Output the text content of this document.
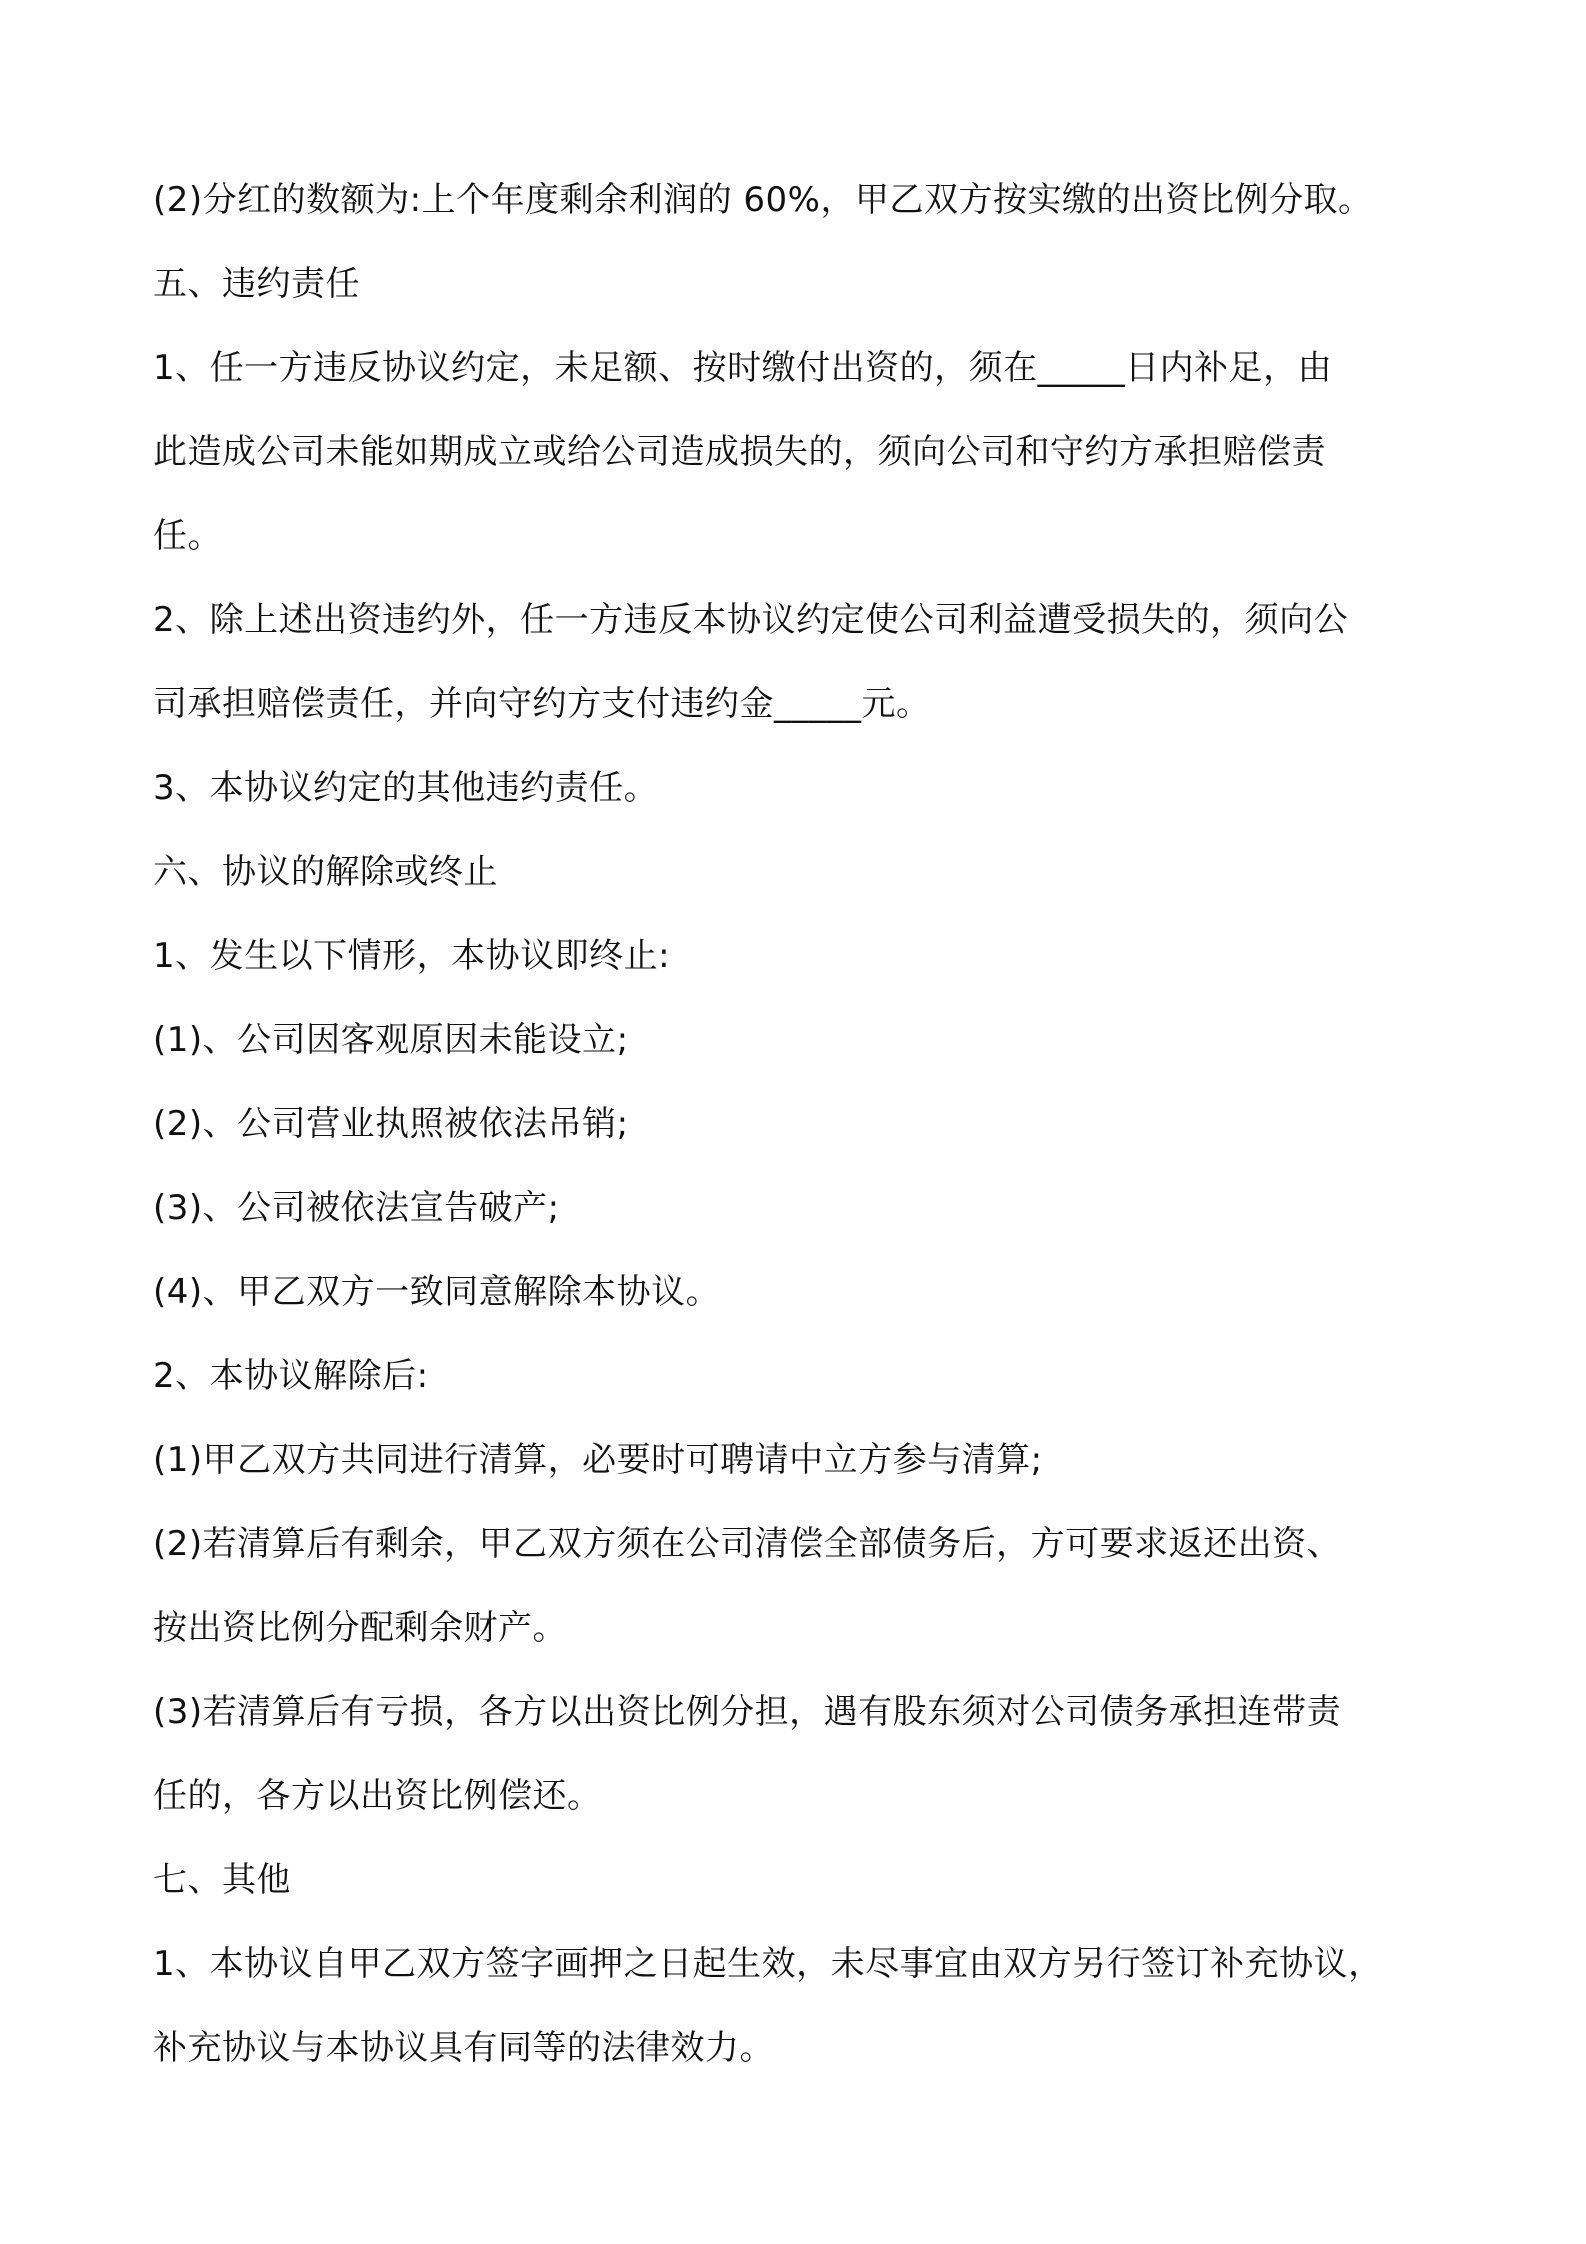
(2)分红的数额为:上个年度剩余利润的 60%，甲乙双方按实缴的出资比例分取。
五、违约责任
1、任一方违反协议约定，未足额、按时缴付出资的，须在_____日内补足，由
此造成公司未能如期成立或给公司造成损失的，须向公司和守约方承担赔偿责
任。
2、除上述出资违约外，任一方违反本协议约定使公司利益遭受损失的，须向公
司承担赔偿责任，并向守约方支付违约金_____元。
3、本协议约定的其他违约责任。
六、协议的解除或终止
1、发生以下情形，本协议即终止:
(1)、公司因客观原因未能设立;
(2)、公司营业执照被依法吊销;
(3)、公司被依法宣告破产;
(4)、甲乙双方一致同意解除本协议。
2、本协议解除后:
(1)甲乙双方共同进行清算，必要时可聘请中立方参与清算;
(2)若清算后有剩余，甲乙双方须在公司清偿全部债务后，方可要求返还出资、
按出资比例分配剩余财产。
(3)若清算后有亏损，各方以出资比例分担，遇有股东须对公司债务承担连带责
任的，各方以出资比例偿还。
七、其他
1、本协议自甲乙双方签字画押之日起生效，未尽事宜由双方另行签订补充协议，
补充协议与本协议具有同等的法律效力。
